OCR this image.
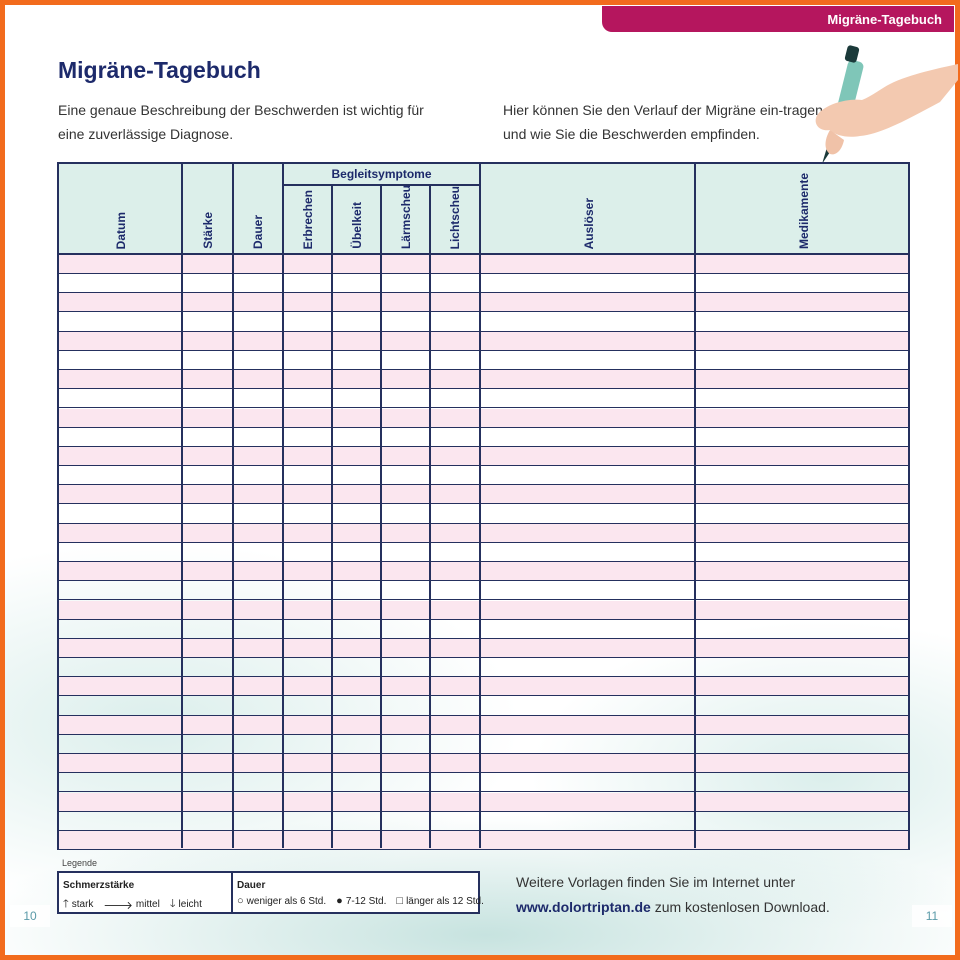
Migräne-Tagebuch
Migräne-Tagebuch

Eine genaue Beschreibung der Beschwerden ist wichtig für eine zuverlässige Diagnose.

Hier können Sie den Verlauf der Migräne ein-tragen und wie Sie die Beschwerden empfinden.

Begleitsymptome
Datum	Stärke	Dauer	Erbrechen	Übelkeit	Lärmscheu	Lichtscheu	Auslöser	Medikamente

Legende

Schmerzstärke
🡑 stark 🡒 mittel 🡓 leicht
Dauer
○ weniger als 6 Std. ● 7-12 Std. □ länger als 12 Std.

Weitere Vorlagen finden Sie im Internet unter
www.dolortriptan.de zum kostenlosen Download.

10	11
